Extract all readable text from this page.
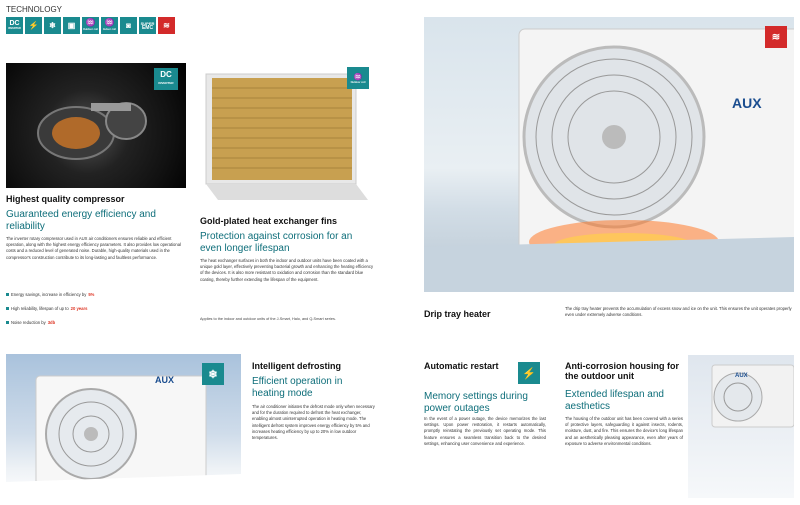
TECHNOLOGY
DC
INVERTER ⚡ ❄ ▣ ♒
Outdoor coil
♒
Indoor coil ◙ SUPER
EMC ≋
DC
INVERTER
Highest quality compressor
Guaranteed energy efficiency and reliability
The inverter rotary compressor used in AUX air conditioners ensures reliable and efficient operation, along with the highest energy efficiency parameters. It also provides low operational costs and a reduced level of generated noise. Durable, high-quality materials used in the compressor's construction contribute to its long-lasting and faultless performance.
Energy savings, increase in efficiency by 5%
High reliability, lifespan of up to 20 years
Noise reduction by 3db
♒
Outdoor coil
Gold-plated heat exchanger fins
Protection against corrosion for an even longer lifespan
The heat exchanger surfaces in both the indoor and outdoor units have been coated with a unique gold layer, effectively preventing bacterial growth and enhancing the heating efficiency of the devices. It is also more resistant to oxidation and corrosion than the standard blue coating, thereby further extending the lifespan of the equipment.
Applies to the indoor and outdoor units of the J-Smart, Halo, and Q-Smart series.
AUX
≋
Drip tray heater
The drip tray heater prevents the accumulation of excess snow and ice on the unit. This ensures the unit operates properly even under extremely adverse conditions.
AUX	❄
Intelligent defrosting
Efficient operation in heating mode
The air conditioner initiates the defrost mode only when necessary and for the duration required to defrost the heat exchanger, enabling almost uninterrupted operation in heating mode. The intelligent defrost system improves energy efficiency by 5% and increases heating efficiency by up to 20% in low outdoor temperatures.
Automatic restart
⚡
Memory settings during power outages
In the event of a power outage, the device memorizes the last settings. Upon power restoration, it restarts automatically, promptly reinstating the previously set operating mode. This feature ensures a seamless transition back to the desired settings, enhancing user convenience and experience.
Anti-corrosion housing for the outdoor unit
Extended lifespan and aesthetics
The housing of the outdoor unit has been covered with a series of protective layers, safeguarding it against insects, rodents, moisture, dust, and fire. This ensures the device's long lifespan and an aesthetically pleasing appearance, even after years of exposure to adverse environmental conditions.
AUX
